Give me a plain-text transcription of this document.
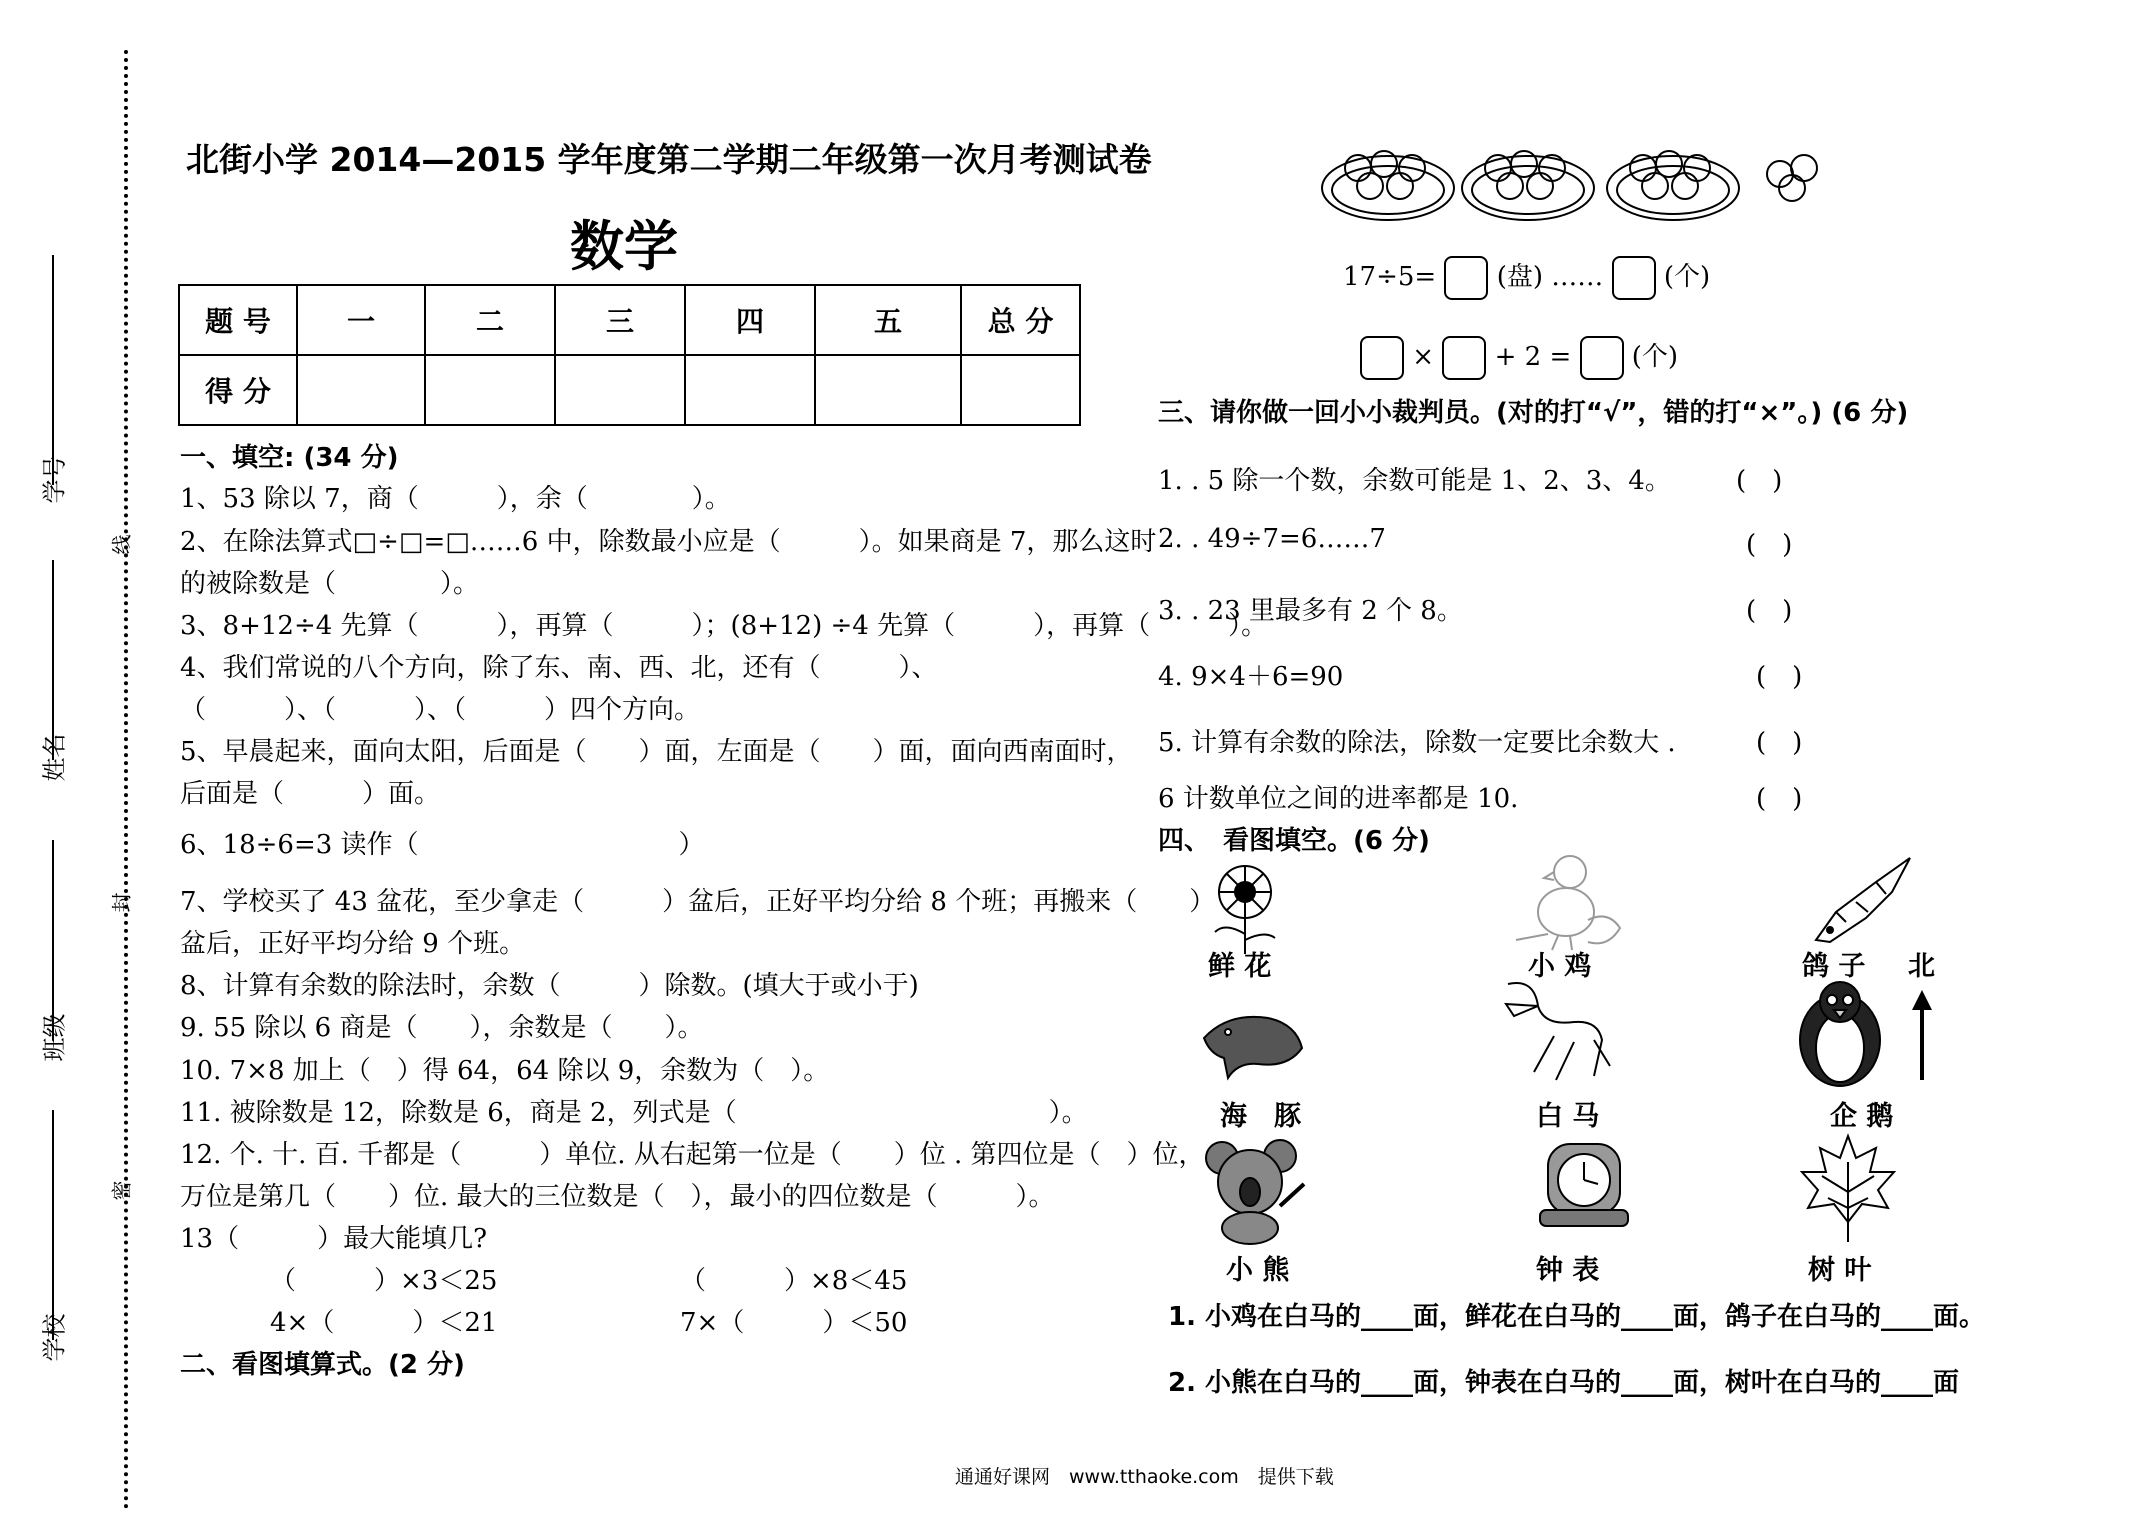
学号
姓名
班级
学校
线
封
密
北街小学 2014—2015 学年度第二学期二年级第一次月考测试卷
数学
题 号	一	二	三	四	五	总 分
得 分						
一、填空: (34 分)
1、53 除以 7，商（　　　），余（　　　　）。
2、在除法算式□÷□=□……6 中，除数最小应是（　　　）。如果商是 7，那么这时
的被除数是（　　　　）。
3、8+12÷4 先算（　　　），再算（　　　）；(8+12) ÷4 先算（　　　），再算（　　　）。
4、我们常说的八个方向，除了东、南、西、北，还有（　　　）、
（　　　）、（　　　）、（　　　）四个方向。
5、早晨起来，面向太阳，后面是（　　）面，左面是（　　）面，面向西南面时，
后面是（　　　）面。
6、18÷6=3 读作（　　　　　　　　　　）
7、学校买了 43 盆花，至少拿走（　　　）盆后，正好平均分给 8 个班；再搬来（　　）
盆后，正好平均分给 9 个班。
8、计算有余数的除法时，余数（　　　）除数。(填大于或小于)
9. 55 除以 6 商是（　　），余数是（　　）。
10. 7×8 加上（　）得 64，64 除以 9，余数为（　）。
11. 被除数是 12，除数是 6，商是 2，列式是（　　　　　　　　　　　　）。
12. 个. 十. 百. 千都是（　　　）单位. 从右起第一位是（　　）位 . 第四位是（　）位，
万位是第几（　　）位. 最大的三位数是（　），最小的四位数是（　　　）。
13（　　　）最大能填几?
（　　　）×3＜25	（　　　）×8＜45
4×（　　　）＜21	7×（　　　）＜50
二、看图填算式。(2 分)
17÷5= (盘) …… (个)
× + 2 = (个)
三、请你做一回小小裁判员。(对的打“√”，错的打“×”。) (6 分)
1. . 5 除一个数，余数可能是 1、2、3、4。	(　)
2. . 49÷7=6……7	(　)
3. . 23 里最多有 2 个 8。	(　)
4. 9×4＋6=90	(　)
5. 计算有余数的除法，除数一定要比余数大 .	(　)
6 计数单位之间的进率都是 10.	(　)
四、　看图填空。(6 分)
鲜 花	小 鸡	鸽 子 北
海　豚	白 马	企 鹅
小 熊	钟 表	树 叶
1. 小鸡在白马的____面，鲜花在白马的____面，鸽子在白马的____面。
2. 小熊在白马的____面，钟表在白马的____面，树叶在白马的____面
通通好课网　www.tthaoke.com　提供下载
